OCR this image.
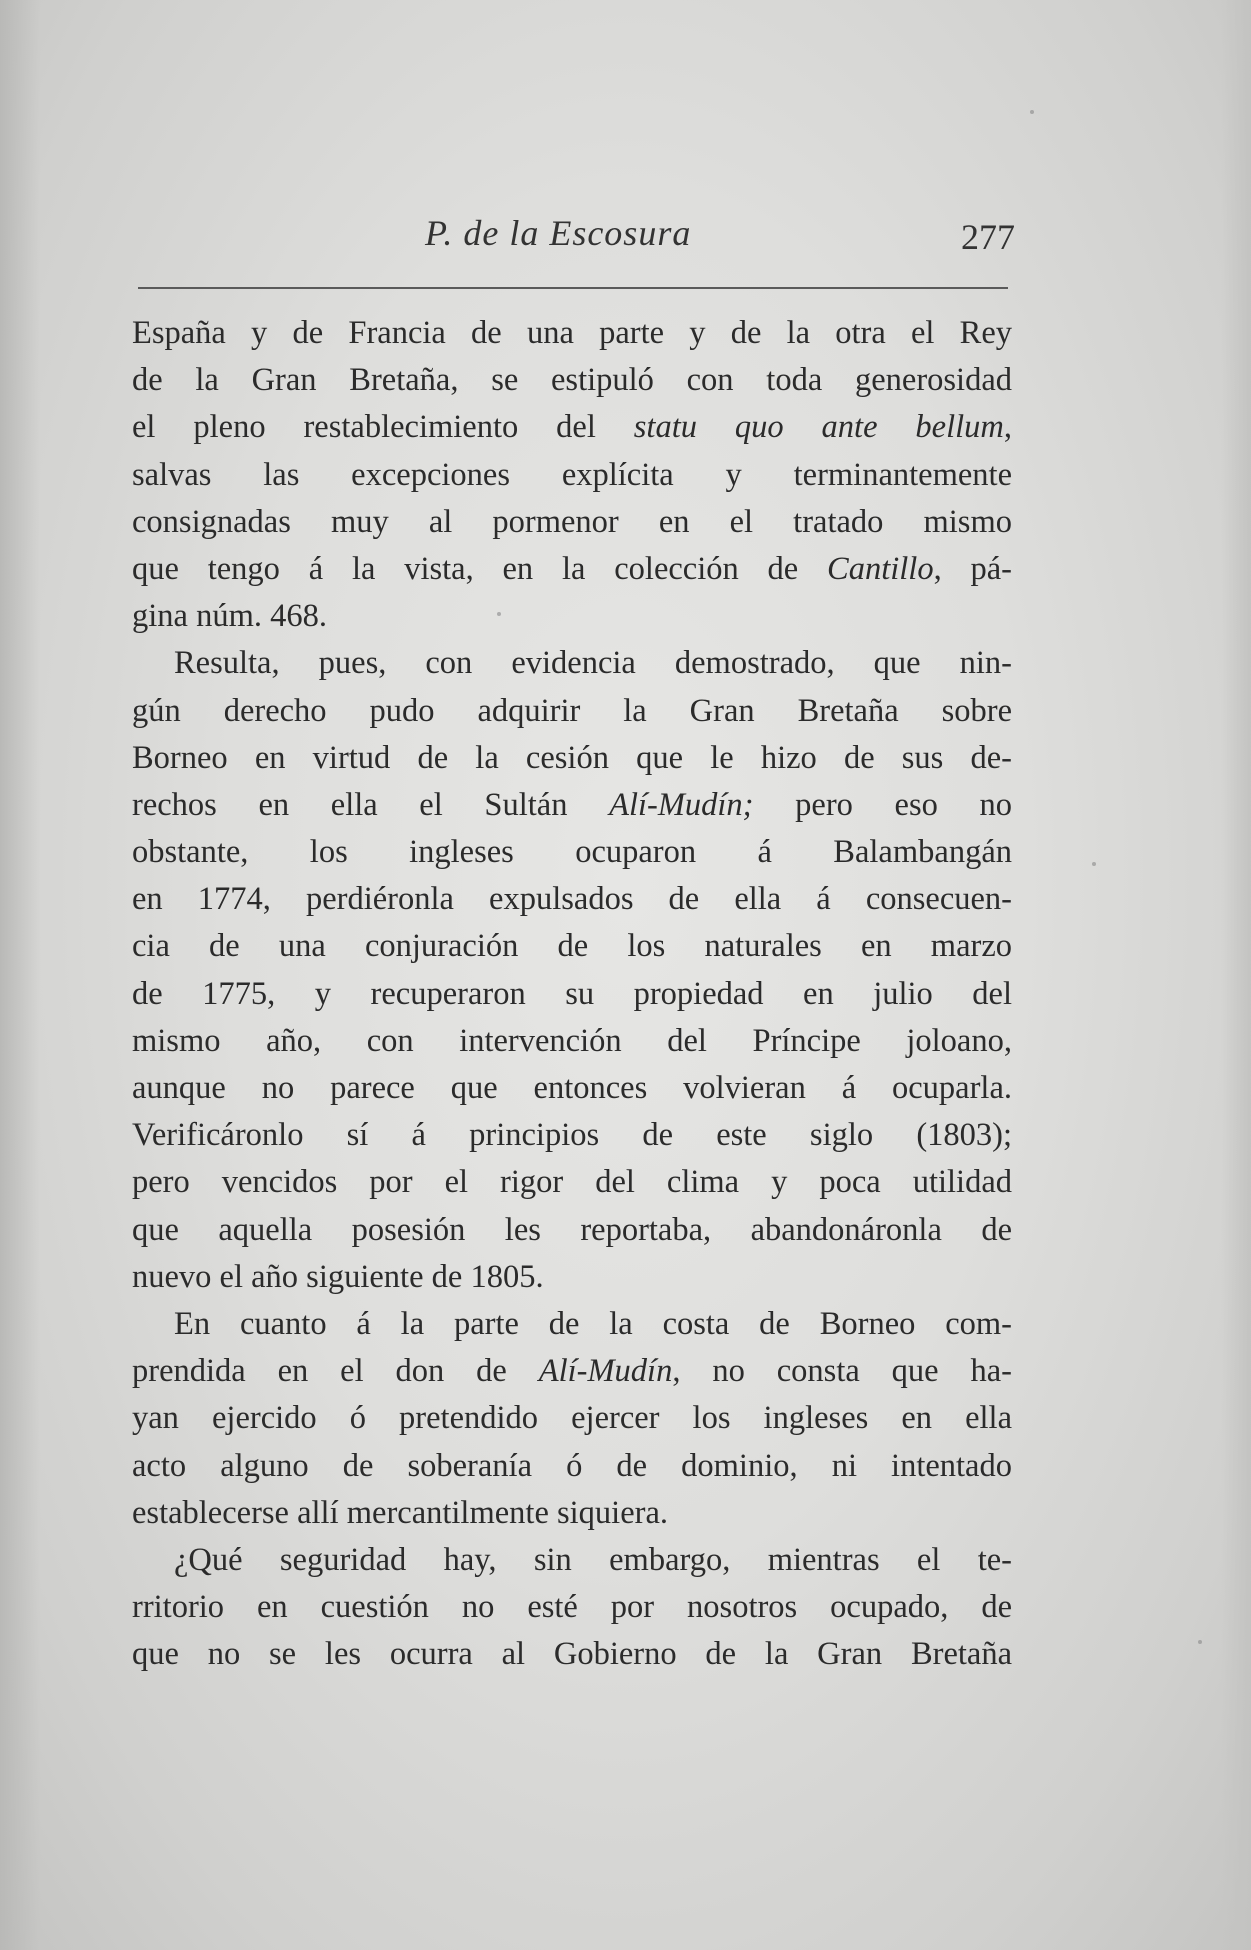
P. de la Escosura	277
España y de Francia de una parte y de la otra el Rey
de la Gran Bretaña, se estipuló con toda generosidad
el pleno restablecimiento del statu quo ante bellum,
salvas las excepciones explícita y terminantemente
consignadas muy al pormenor en el tratado mismo
que tengo á la vista, en la colección de Cantillo, pá-
gina núm. 468.
Resulta, pues, con evidencia demostrado, que nin-
gún derecho pudo adquirir la Gran Bretaña sobre
Borneo en virtud de la cesión que le hizo de sus de-
rechos en ella el Sultán Alí-Mudín; pero eso no
obstante, los ingleses ocuparon á Balambangán
en 1774, perdiéronla expulsados de ella á consecuen-
cia de una conjuración de los naturales en marzo
de 1775, y recuperaron su propiedad en julio del
mismo año, con intervención del Príncipe joloano,
aunque no parece que entonces volvieran á ocuparla.
Verificáronlo sí á principios de este siglo (1803);
pero vencidos por el rigor del clima y poca utilidad
que aquella posesión les reportaba, abandonáronla de
nuevo el año siguiente de 1805.
En cuanto á la parte de la costa de Borneo com-
prendida en el don de Alí-Mudín, no consta que ha-
yan ejercido ó pretendido ejercer los ingleses en ella
acto alguno de soberanía ó de dominio, ni intentado
establecerse allí mercantilmente siquiera.
¿Qué seguridad hay, sin embargo, mientras el te-
rritorio en cuestión no esté por nosotros ocupado, de
que no se les ocurra al Gobierno de la Gran Bretaña
